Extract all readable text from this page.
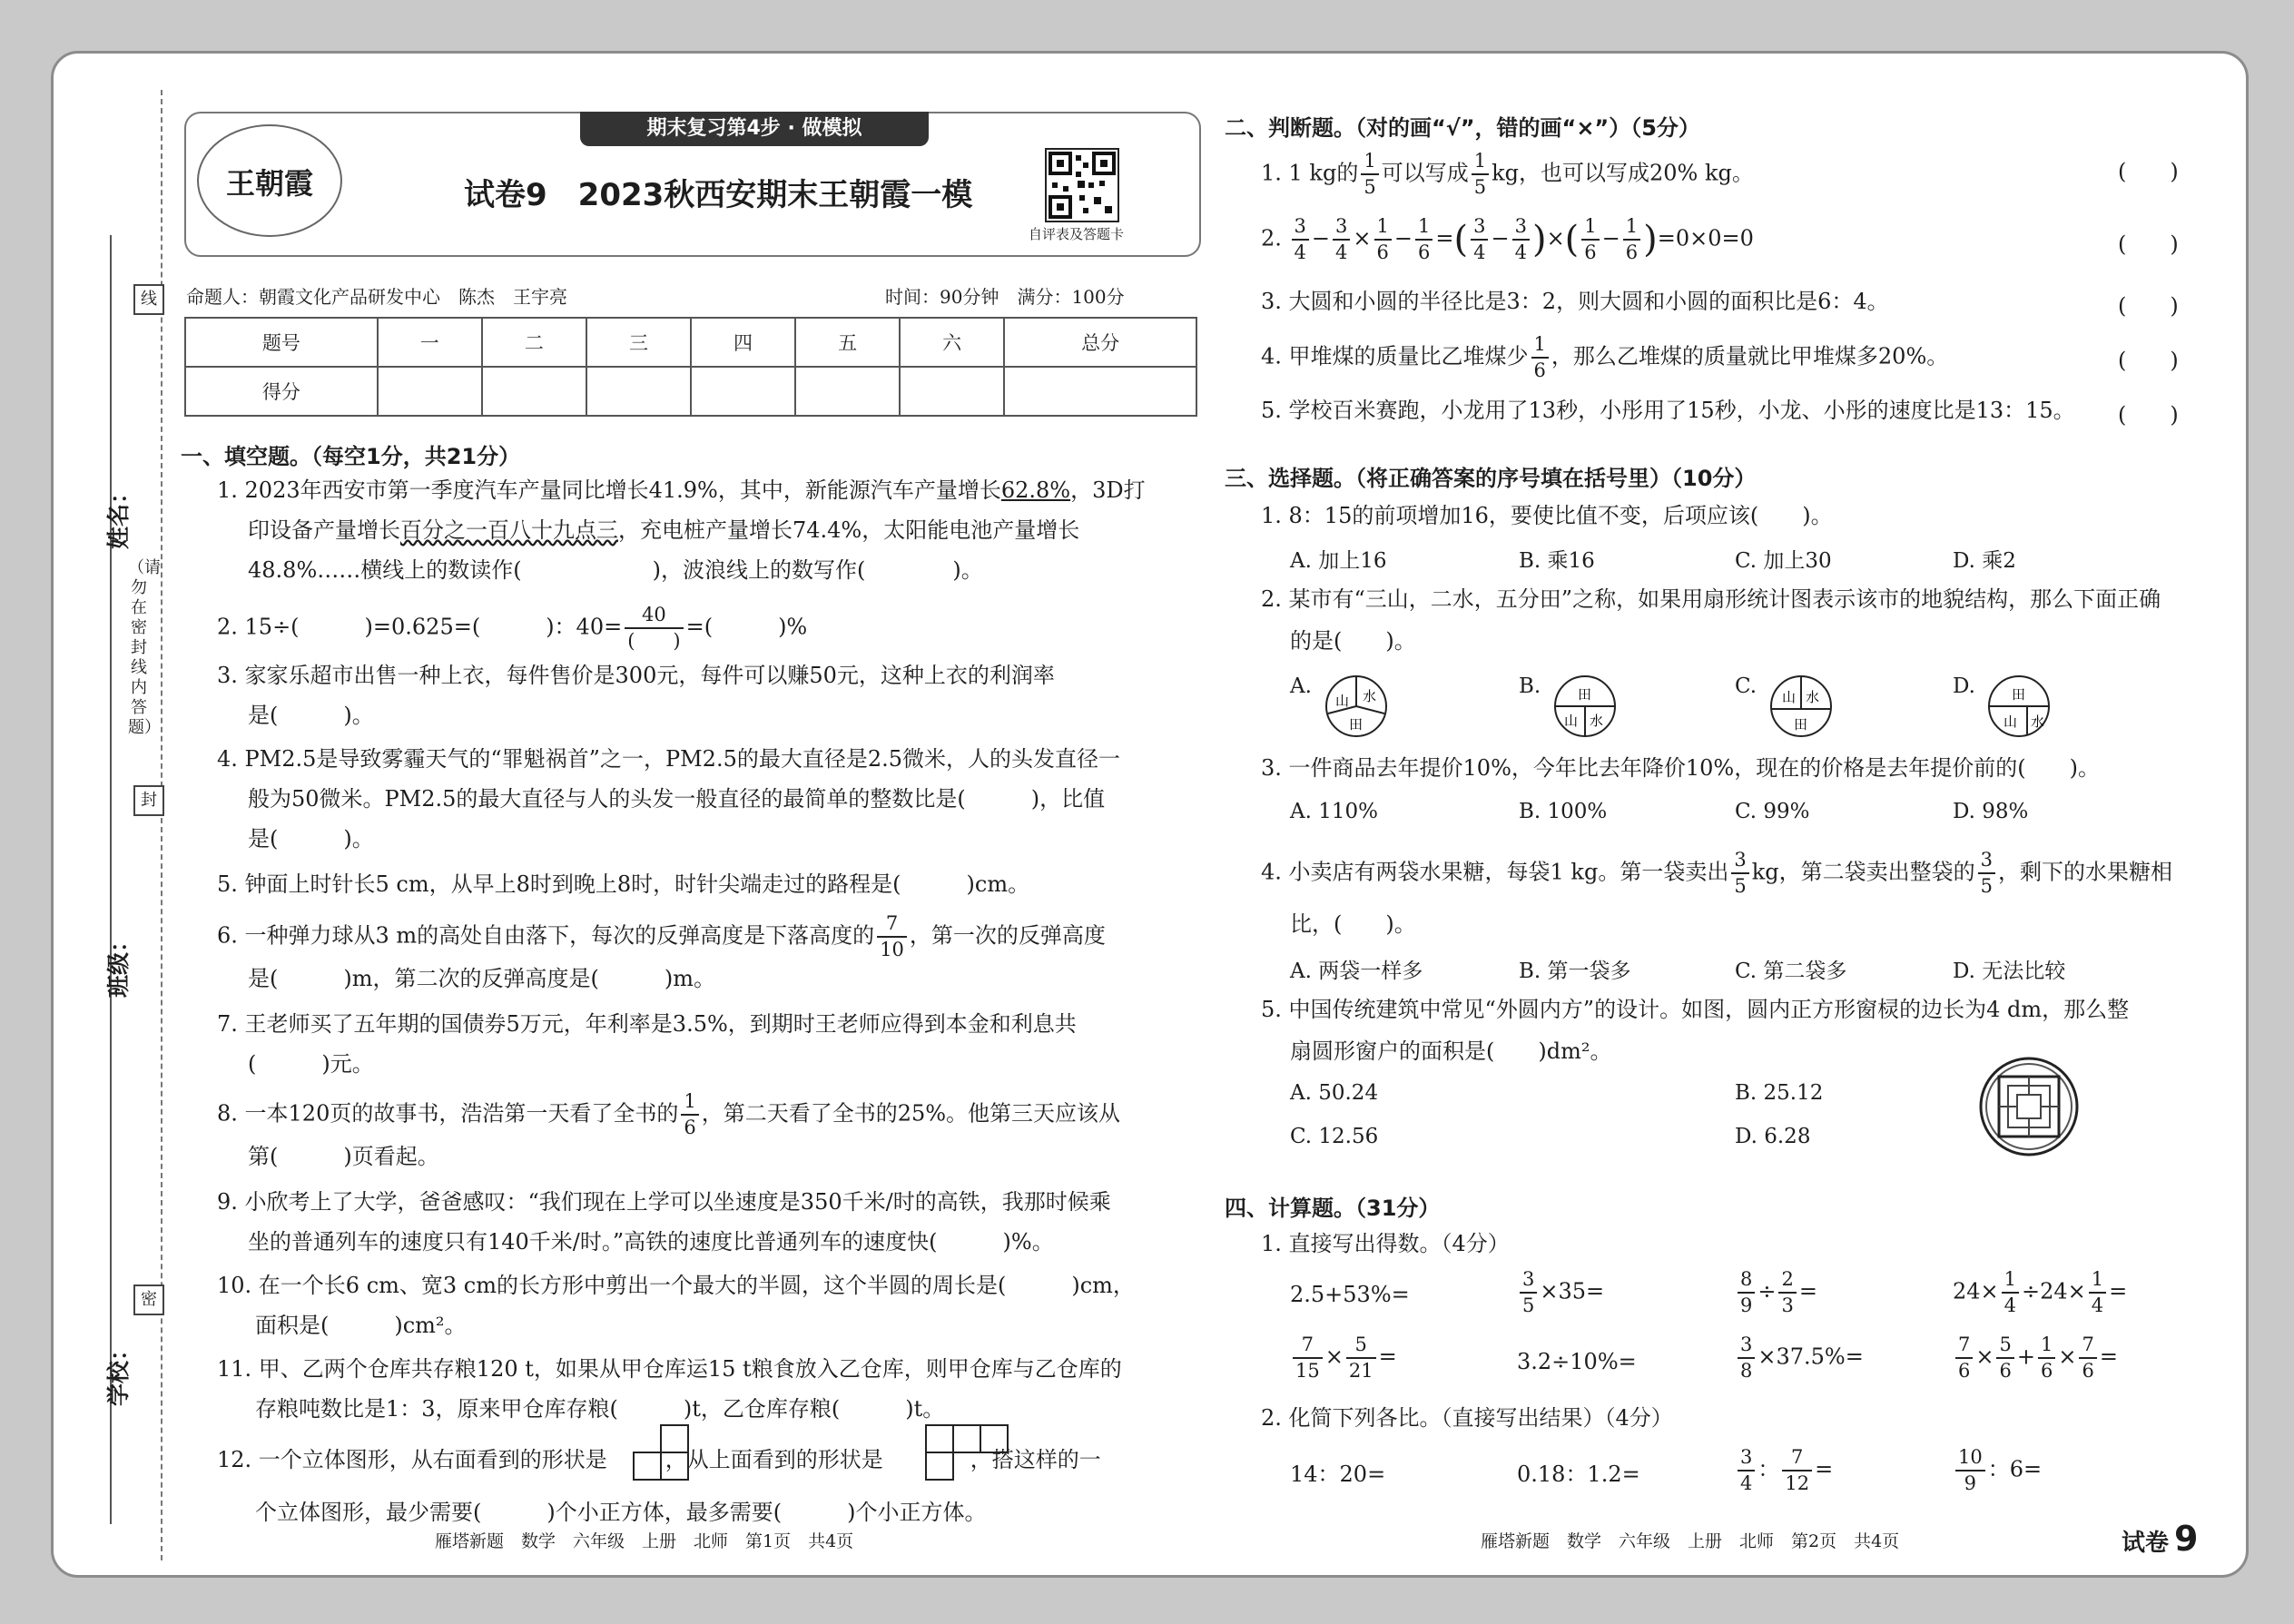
线
封
密
姓名：
班级：
学校：
（请勿在密封线内答题）
期末复习第4步 · 做模拟
王朝霞	试卷9　2023秋西安期末王朝霞一模
自评表及答题卡
命题人：朝霞文化产品研发中心　陈杰　王宇亮	时间：90分钟　满分：100分
题号	一	二	三	四	五	六	总分
得分							
一、填空题。（每空1分，共21分）
1. 2023年西安市第一季度汽车产量同比增长41.9%，其中，新能源汽车产量增长62.8%，3D打
印设备产量增长百分之一百八十九点三，充电桩产量增长74.4%，太阳能电池产量增长
48.8%……横线上的数读作(　　　　　　)，波浪线上的数写作(　　　　)。
2. 15÷(　　　)=0.625=(　　　)：$40= \frac{40}{( )}$ =(　　　)%
3. 家家乐超市出售一种上衣，每件售价是300元，每件可以赚50元，这种上衣的利润率
是(　　　)。
4. PM2.5是导致雾霾天气的“罪魁祸首”之一，PM2.5的最大直径是2.5微米，人的头发直径一
般为50微米。PM2.5的最大直径与人的头发一般直径的最简单的整数比是(　　　)，比值
是(　　　)。
5. 钟面上时针长5 cm，从早上8时到晚上8时，时针尖端走过的路程是(　　　)cm。
6. 一种弹力球从3 m的高处自由落下，每次的反弹高度是下落高度的 $\frac{7}{10}$ ，第一次的反弹高度
是(　　　)m，第二次的反弹高度是(　　　)m。
7. 王老师买了五年期的国债券5万元，年利率是3.5%，到期时王老师应得到本金和利息共
(　　　)元。
8. 一本120页的故事书，浩浩第一天看了全书的 $\frac{1}{6}$ ，第二天看了全书的25%。他第三天应该从
第(　　　)页看起。
9. 小欣考上了大学，爸爸感叹：“我们现在上学可以坐速度是350千米/时的高铁，我那时候乘
坐的普通列车的速度只有140千米/时。”高铁的速度比普通列车的速度快(　　　)%。
10. 在一个长6 cm、宽3 cm的长方形中剪出一个最大的半圆，这个半圆的周长是(　　　)cm，
面积是(　　　)cm²。
11. 甲、乙两个仓库共存粮120 t，如果从甲仓库运15 t粮食放入乙仓库，则甲仓库与乙仓库的
存粮吨数比是1：3，原来甲仓库存粮(　　　)t，乙仓库存粮(　　　)t。
12. 一个立体图形，从右面看到的形状是	，从上面看到的形状是	，搭这样的一
个立体图形，最少需要(　　　)个小正方体，最多需要(　　　)个小正方体。
雁塔新题　数学　六年级　上册　北师　第1页　共4页
二、判断题。（对的画“√”，错的画“×”）（5分）
1. 1 kg的 $\frac{1}{5}$ 可以写成 $\frac{1}{5}$ kg，也可以写成20% kg。	(　　)
2. $\frac{3}{4} - \frac{3}{4} \times \frac{1}{6} - \frac{1}{6}$ =( $\frac{3}{4} - \frac{3}{4}$ )×( $\frac{1}{6} - \frac{1}{6} )=0\times 0=0$	(　　)
3. 大圆和小圆的半径比是3：2，则大圆和小圆的面积比是6：4。	(　　)
4. 甲堆煤的质量比乙堆煤少 $\frac{1}{6}$ ，那么乙堆煤的质量就比甲堆煤多20%。	(　　)
5. 学校百米赛跑，小龙用了13秒，小彤用了15秒，小龙、小彤的速度比是13：15。 (　　)
三、选择题。（将正确答案的序号填在括号里）（10分）
1. 8：15的前项增加16，要使比值不变，后项应该(　　)。
A. 加上16	B. 乘16	C. 加上30	D. 乘2
2. 某市有“三山，二水，五分田”之称，如果用扇形统计图表示该市的地貌结构，那么下面正确
的是(　　)。
A.
山 水
田
B.	田
山 水
C. 山 水
田
D.	田
山 水
3. 一件商品去年提价10%，今年比去年降价10%，现在的价格是去年提价前的(　　)。
A. 110%	B. 100%	C. 99%	D. 98%
4. 小卖店有两袋水果糖，每袋1 kg。第一袋卖出 $\frac{3}{5}$ kg，第二袋卖出整袋的 $\frac{3}{5}$ ，剩下的水果糖相
比，(　　)。
A. 两袋一样多	B. 第一袋多	C. 第二袋多	D. 无法比较
5. 中国传统建筑中常见“外圆内方”的设计。如图，圆内正方形窗棂的边长为4 dm，那么整
扇圆形窗户的面积是(　　)dm²。
A. 50.24	B. 25.12
C. 12.56	D. 6.28
四、计算题。（31分）
1. 直接写出得数。（4分）
2.5+53%=	$\frac{3}{5} \times 35=$	$\frac{8}{9} \div \frac{2}{3}$ =	$24\times \frac{1}{4} \div 24\times \frac{1}{4}$ =
$\frac{7}{15} \times \frac{5}{21}$ =	3.2÷10%=	$\frac{3}{8} \times 37.5\%=$	$\frac{7}{6} \times \frac{5}{6} + \frac{1}{6} \times \frac{7}{6}$ =
2. 化简下列各比。（直接写出结果）（4分）
14：20=	0.18：1.2=	$\frac{3}{4}$ ： $\frac{7}{12}$ =	$\frac{10}{9}$ ：6=
雁塔新题　数学　六年级　上册　北师　第2页　共4页	试卷 9
